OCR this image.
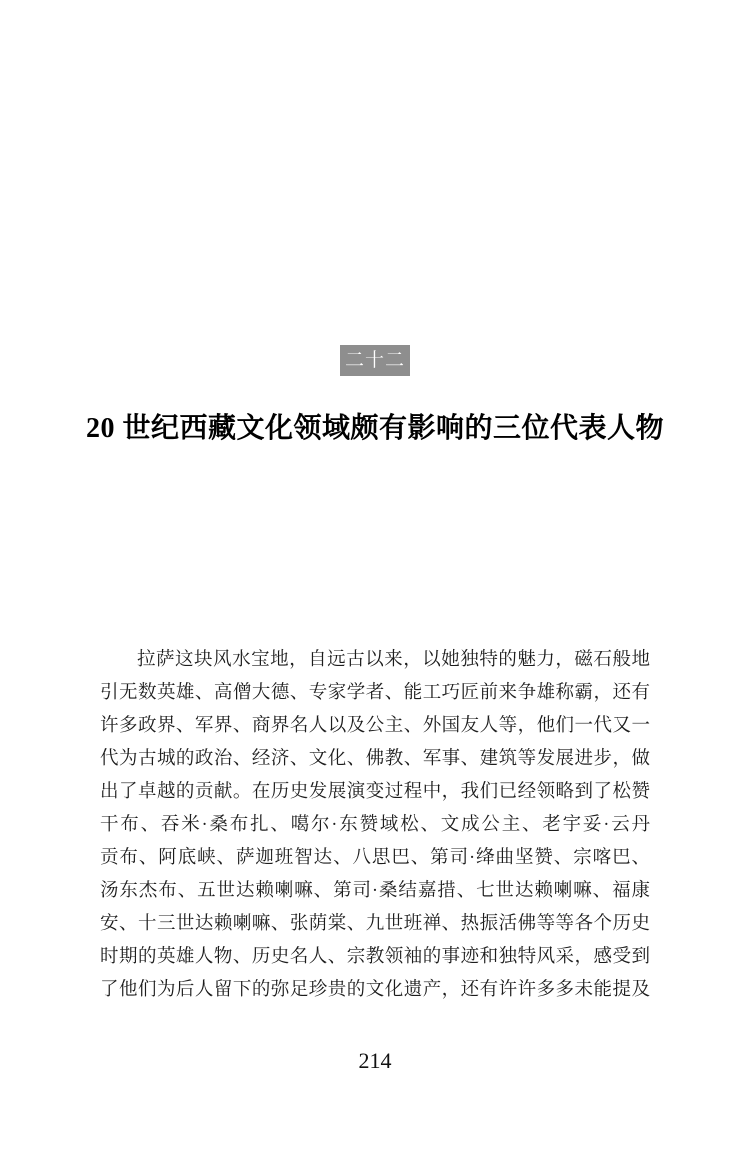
二十二
20 世纪西藏文化领域颇有影响的三位代表人物
拉萨这块风水宝地，自远古以来，以她独特的魅力，磁石般地
引无数英雄、高僧大德、专家学者、能工巧匠前来争雄称霸，还有
许多政界、军界、商界名人以及公主、外国友人等，他们一代又一
代为古城的政治、经济、文化、佛教、军事、建筑等发展进步，做
出了卓越的贡献。在历史发展演变过程中，我们已经领略到了松赞
干布、吞米·桑布扎、噶尔·东赞域松、文成公主、老宇妥·云丹
贡布、阿底峡、萨迦班智达、八思巴、第司·绛曲坚赞、宗喀巴、
汤东杰布、五世达赖喇嘛、第司·桑结嘉措、七世达赖喇嘛、福康
安、十三世达赖喇嘛、张荫棠、九世班禅、热振活佛等等各个历史
时期的英雄人物、历史名人、宗教领袖的事迹和独特风采，感受到
了他们为后人留下的弥足珍贵的文化遗产，还有许许多多未能提及
214
